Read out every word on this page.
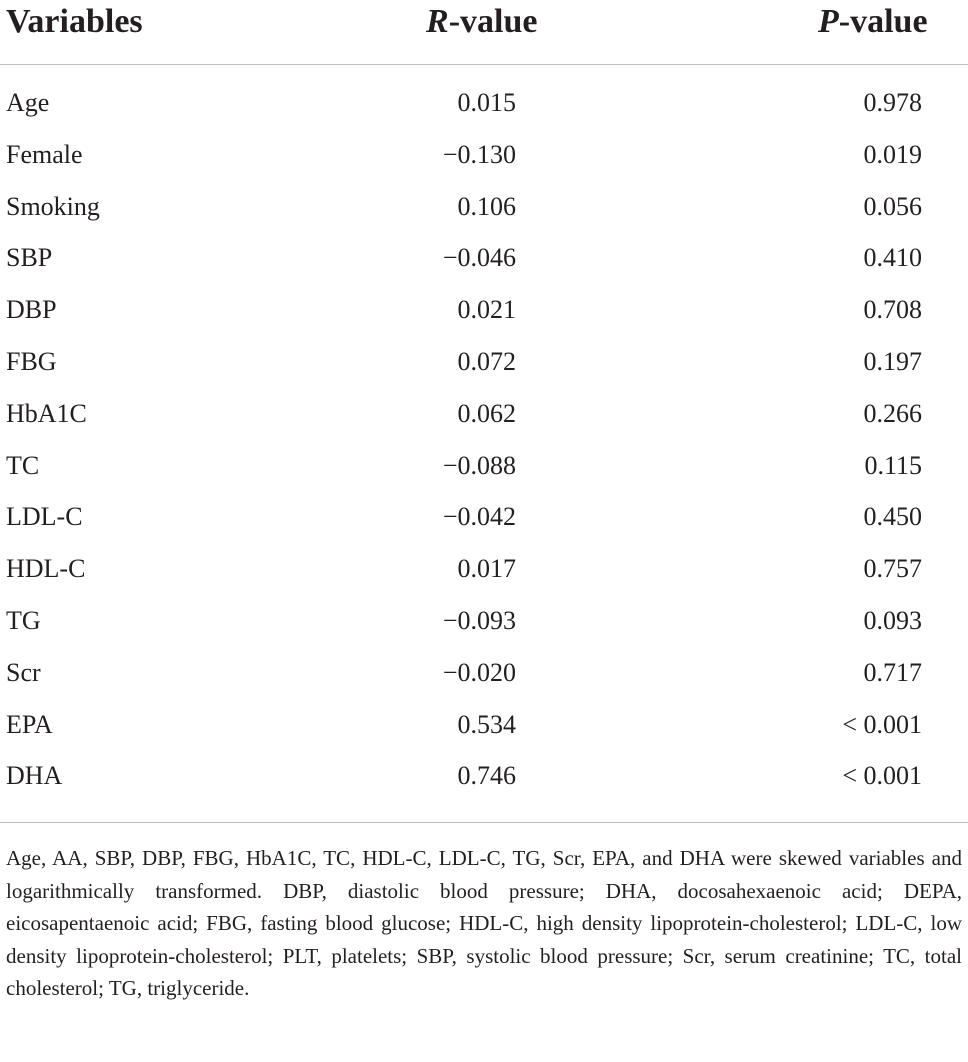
Variables	R-value	P-value
Age	0.015	0.978
Female	−0.130	0.019
Smoking	0.106	0.056
SBP	−0.046	0.410
DBP	0.021	0.708
FBG	0.072	0.197
HbA1C	0.062	0.266
TC	−0.088	0.115
LDL-C	−0.042	0.450
HDL-C	0.017	0.757
TG	−0.093	0.093
Scr	−0.020	0.717
EPA	0.534	< 0.001
DHA	0.746	< 0.001

Age, AA, SBP, DBP, FBG, HbA1C, TC, HDL-C, LDL-C, TG, Scr, EPA, and DHA were skewed variables and logarithmically transformed. DBP, diastolic blood pressure; DHA, docosahexaenoic acid; DEPA, eicosapentaenoic acid; FBG, fasting blood glucose; HDL-C, high density lipoprotein-cholesterol; LDL-C, low density lipoprotein-cholesterol; PLT, platelets; SBP, systolic blood pressure; Scr, serum creatinine; TC, total cholesterol; TG, triglyceride.
